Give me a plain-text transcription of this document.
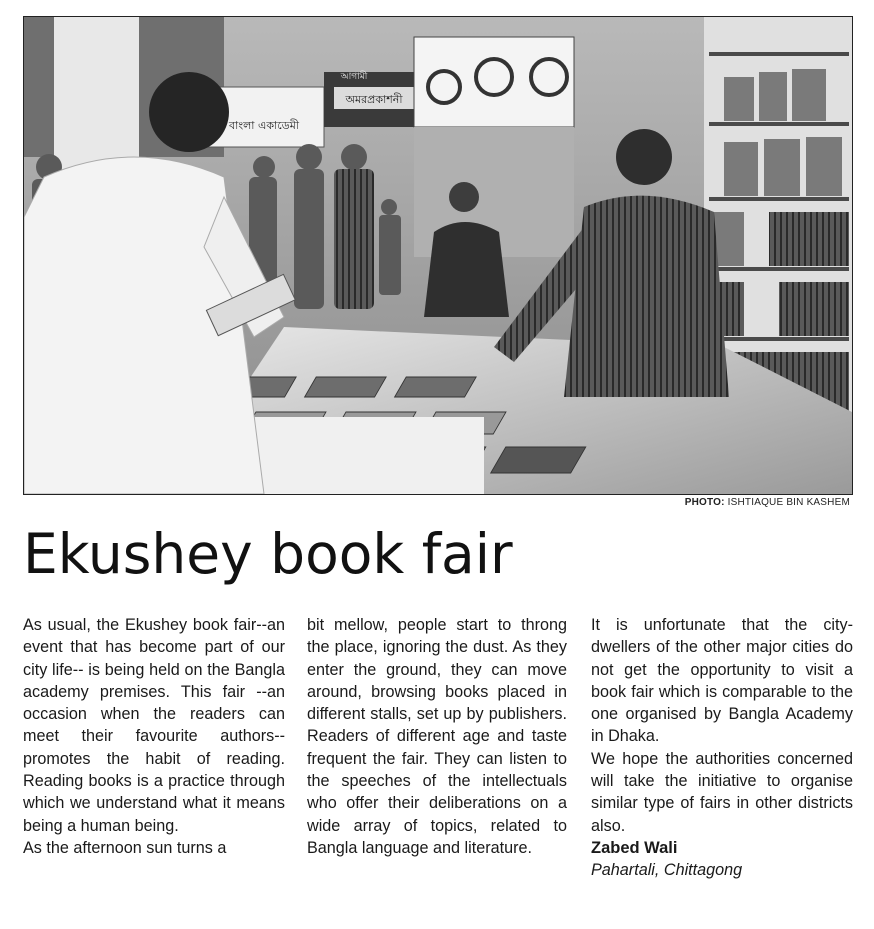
অমরপ্রকাশনী
বাংলা একাডেমী
আগামী
PHOTO: ISHTIAQUE BIN KASHEM
Ekushey book fair

As usual, the Ekushey book fair--an event that has become part of our city life-- is being held on the Bangla academy premises. This fair --an occasion when the readers can meet their favourite authors--promotes the habit of reading. Reading books is a practice through which we understand what it means being a human being.

As the afternoon sun turns a

bit mellow, people start to throng the place, ignoring the dust. As they enter the ground, they can move around, browsing books placed in different stalls, set up by publishers. Readers of different age and taste frequent the fair. They can listen to the speeches of the intellectuals who offer their deliberations on a wide array of topics, related to Bangla language and literature.

It is unfortunate that the city-dwellers of the other major cities do not get the opportunity to visit a book fair which is comparable to the one organised by Bangla Academy in Dhaka.

We hope the authorities concerned will take the initiative to organise similar type of fairs in other districts also.

Zabed Wali

Pahartali, Chittagong
